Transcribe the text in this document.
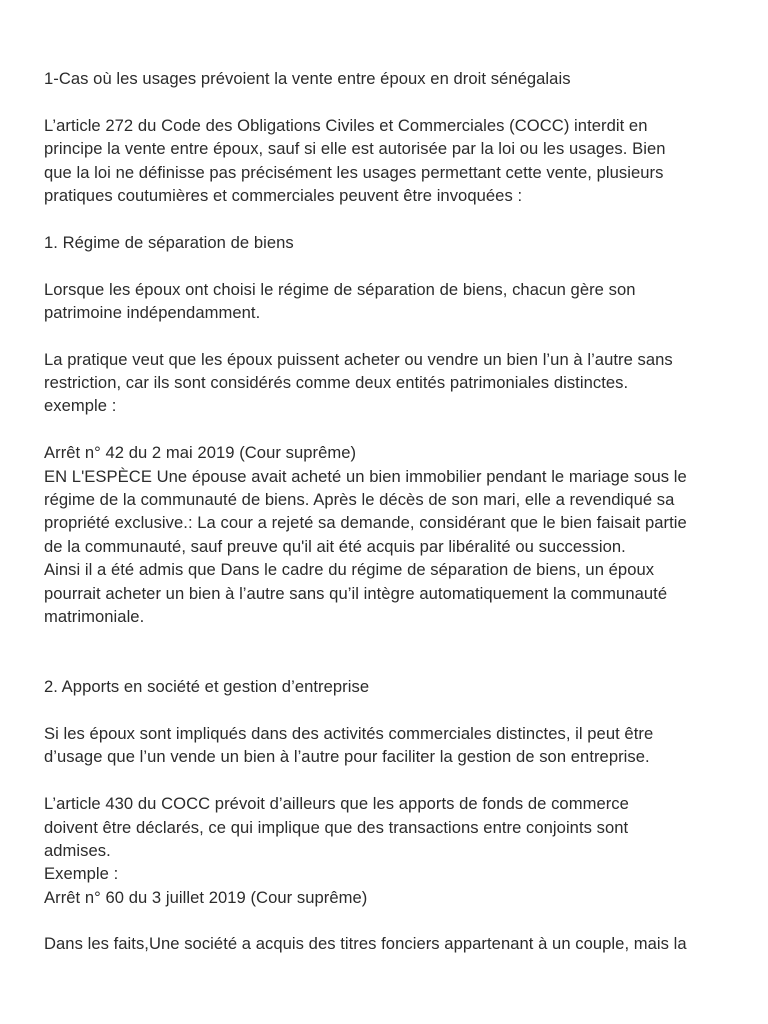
1-Cas où les usages prévoient la vente entre époux en droit sénégalais
L’article 272 du Code des Obligations Civiles et Commerciales (COCC) interdit en
principe la vente entre époux, sauf si elle est autorisée par la loi ou les usages. Bien
que la loi ne définisse pas précisément les usages permettant cette vente, plusieurs
pratiques coutumières et commerciales peuvent être invoquées :
1. Régime de séparation de biens
Lorsque les époux ont choisi le régime de séparation de biens, chacun gère son
patrimoine indépendamment.
La pratique veut que les époux puissent acheter ou vendre un bien l’un à l’autre sans
restriction, car ils sont considérés comme deux entités patrimoniales distinctes.
exemple :
Arrêt n° 42 du 2 mai 2019 (Cour suprême)
EN L'ESPÈCE Une épouse avait acheté un bien immobilier pendant le mariage sous le
régime de la communauté de biens. Après le décès de son mari, elle a revendiqué sa
propriété exclusive.: La cour a rejeté sa demande, considérant que le bien faisait partie
de la communauté, sauf preuve qu'il ait été acquis par libéralité ou succession.
Ainsi il a été admis que Dans le cadre du régime de séparation de biens, un époux
pourrait acheter un bien à l’autre sans qu’il intègre automatiquement la communauté
matrimoniale.
2. Apports en société et gestion d’entreprise
Si les époux sont impliqués dans des activités commerciales distinctes, il peut être
d’usage que l’un vende un bien à l’autre pour faciliter la gestion de son entreprise.
L’article 430 du COCC prévoit d’ailleurs que les apports de fonds de commerce
doivent être déclarés, ce qui implique que des transactions entre conjoints sont
admises.
Exemple :
Arrêt n° 60 du 3 juillet 2019 (Cour suprême)
Dans les faits,Une société a acquis des titres fonciers appartenant à un couple, mais la
